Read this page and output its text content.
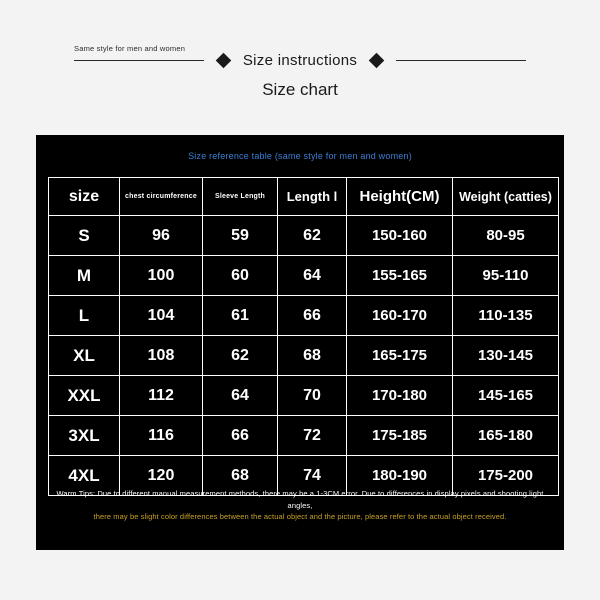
Same style for men and women
Size instructions
Size chart
Size reference table (same style for men and women)
size	chest circumference	Sleeve Length	Length l	Height(CM)	Weight (catties)
S	96	59	62	150-160	80-95
M	100	60	64	155-165	95-110
L	104	61	66	160-170	110-135
XL	108	62	68	165-175	130-145
XXL	112	64	70	170-180	145-165
3XL	116	66	72	175-185	165-180
4XL	120	68	74	180-190	175-200
Warm Tips: Due to different manual measurement methods, there may be a 1-3CM error. Due to differences in display pixels and shooting light angles,
there may be slight color differences between the actual object and the picture, please refer to the actual object received.
